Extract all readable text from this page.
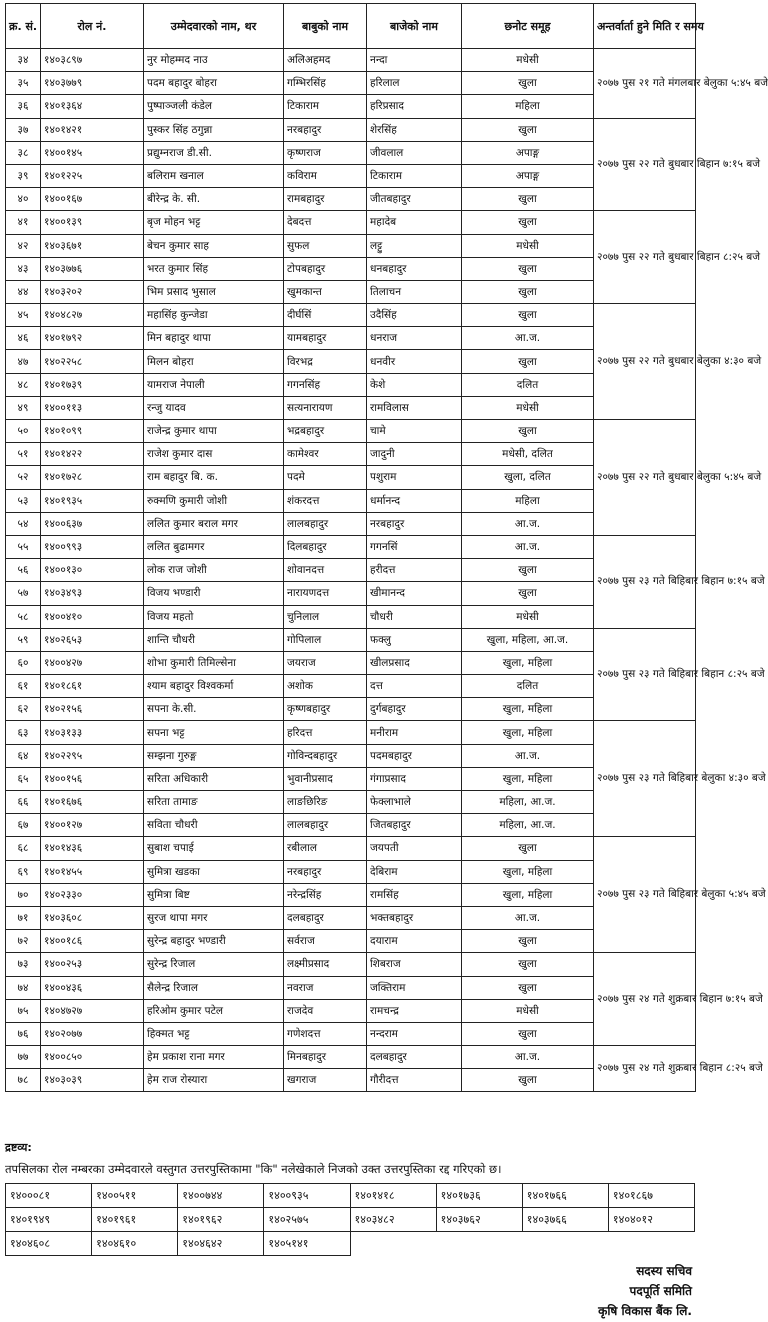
क्र. सं.	रोल नं.	उम्मेदवारको नाम, थर	बाबुको नाम	बाजेको नाम	छनोट समूह	अन्तर्वार्ता हुने मिति र समय
३४	१४०३८९७	नुर मोहम्मद नाउ	अलिअहमद	नन्दा	मधेसी	२०७७ पुस २१ गते मंगलबार बेलुका ५:४५ बजे
३५	१४०३७७९	पदम बहादुर बोहरा	गम्भिरसिंह	हरिलाल	खुला	
३६	१४०१३६४	पुष्पाञ्जली कंडेल	टिकाराम	हरिप्रसाद	महिला	
३७	१४०१४२१	पुस्कर सिंह ठगुन्ना	नरबहादुर	शेरसिंह	खुला	२०७७ पुस २२ गते बुधबार बिहान ७:१५ बजे
३८	१४००१४५	प्रद्युम्नराज डी.सी.	कृष्णराज	जीवलाल	अपाङ्ग	
३९	१४०१२२५	बलिराम खनाल	कविराम	टिकाराम	अपाङ्ग	
४०	१४००१६७	बीरेन्द्र के. सी.	रामबहादुर	जीतबहादुर	खुला	
४१	१४००१३९	बृज मोहन भट्ट	देबदत्त	महादेब	खुला	२०७७ पुस २२ गते बुधबार बिहान ८:२५ बजे
४२	१४०३६७१	बेचन कुमार साह	सुफल	लट्टु	मधेसी	
४३	१४०३७७६	भरत कुमार सिंह	टोपबहादुर	धनबहादुर	खुला	
४४	१४०३२०२	भिम प्रसाद भुसाल	खुमकान्त	तिलाचन	खुला	
४५	१४०४८२७	महासिंह कुन्जेडा	दीर्घसिं	उदैसिंह	खुला	२०७७ पुस २२ गते बुधबार बेलुका ४:३० बजे
४६	१४०१७९२	मिन बहादुर थापा	यामबहादुर	धनराज	आ.ज.	
४७	१४०२२५८	मिलन बोहरा	विरभद्र	धनवीर	खुला	
४८	१४०१७३९	यामराज नेपाली	गगनसिंह	केशे	दलित	
४९	१४००११३	रन्जु यादव	सत्यनारायण	रामविलास	मधेसी	
५०	१४०१०९९	राजेन्द्र कुमार थापा	भद्रबहादुर	चामे	खुला	२०७७ पुस २२ गते बुधबार बेलुका ५:४५ बजे
५१	१४०१४२२	राजेश कुमार दास	कामेश्वर	जादुनी	मधेसी, दलित	
५२	१४०१७२८	राम बहादुर बि. क.	पदमे	पशुराम	खुला, दलित	
५३	१४०१९३५	रुक्मणि कुमारी जोशी	शंकरदत्त	धर्मानन्द	महिला	
५४	१४००६३७	ललित कुमार बराल मगर	लालबहादुर	नरबहादुर	आ.ज.	
५५	१४००९९३	ललित बुढामगर	दिलबहादुर	गगनसिं	आ.ज.	२०७७ पुस २३ गते बिहिबार बिहान ७:१५ बजे
५६	१४००१३०	लोक राज जोशी	शोवानदत्त	हरीदत्त	खुला	
५७	१४०३४९३	विजय भण्डारी	नारायणदत्त	खीमानन्द	खुला	
५८	१४००४१०	विजय महतो	चुनिलाल	चौधरी	मधेसी	
५९	१४०२६५३	शान्ति चौधरी	गोपिलाल	फक्लु	खुला, महिला, आ.ज.	२०७७ पुस २३ गते बिहिबार बिहान ८:२५ बजे
६०	१४००४२७	शोभा कुमारी तिमिल्सेना	जयराज	खीलप्रसाद	खुला, महिला	
६१	१४०१८६१	श्याम बहादुर विश्वकर्मा	अशोक	दत्त	दलित	
६२	१४०२१५६	सपना के.सी.	कृष्णबहादुर	दुर्गबहादुर	खुला, महिला	
६३	१४०३१३३	सपना भट्ट	हरिदत्त	मनीराम	खुला, महिला	२०७७ पुस २३ गते बिहिबार बेलुका ४:३० बजे
६४	१४०२२९५	सम्झना गुरुङ्ग	गोविन्दबहादुर	पदमबहादुर	आ.ज.	
६५	१४००१५६	सरिता अधिकारी	भुवानीप्रसाद	गंगाप्रसाद	खुला, महिला	
६६	१४०१६७६	सरिता तामाङ	लाङछिरिङ	फेक्लाभाले	महिला, आ.ज.	
६७	१४००१२७	सविता चौधरी	लालबहादुर	जितबहादुर	महिला, आ.ज.	
६८	१४०१४३६	सुबाश चपाई	रबीलाल	जयपती	खुला	२०७७ पुस २३ गते बिहिबार बेलुका ५:४५ बजे
६९	१४०१४५५	सुमित्रा खडका	नरबहादुर	देबिराम	खुला, महिला	
७०	१४०२३३०	सुमित्रा बिष्ट	नरेन्द्रसिंह	रामसिंह	खुला, महिला	
७१	१४०३६०८	सुरज थापा मगर	दलबहादुर	भक्तबहादुर	आ.ज.	
७२	१४००१८६	सुरेन्द्र बहादुर भण्डारी	सर्वराज	दयाराम	खुला	
७३	१४००२५३	सुरेन्द्र रिजाल	लक्ष्मीप्रसाद	शिबराज	खुला	२०७७ पुस २४ गते शुक्रबार बिहान ७:१५ बजे
७४	१४००४३६	सैलेन्द्र रिजाल	नवराज	जक्तिराम	खुला	
७५	१४०४७२७	हरिओम कुमार पटेल	राजदेव	रामचन्द्र	मधेसी	
७६	१४०२०७७	हिक्मत भट्ट	गणेशदत्त	नन्दराम	खुला	
७७	१४००८५०	हेम प्रकाश राना मगर	मिनबहादुर	दलबहादुर	आ.ज.	२०७७ पुस २४ गते शुक्रबार बिहान ८:२५ बजे
७८	१४०३०३९	हेम राज रोस्यारा	खगराज	गौरीदत्त	खुला	
द्रष्टव्य:
तपसिलका रोल नम्बरका उम्मेदवारले वस्तुगत उत्तरपुस्तिकामा "कि" नलेखेकाले निजको उक्त उत्तरपुस्तिका रद्द गरिएको छ।
१४०००८१	१४००५११	१४००७४४	१४००९३५	१४०१४१८	१४०१७३६	१४०१७६६	१४०१८६७
१४०१९४९	१४०१९६१	१४०१९६२	१४०२५७५	१४०३४८२	१४०३७६२	१४०३७६६	१४०४०१२
१४०४६०८	१४०४६१०	१४०४६४२	१४०५१४१				
सदस्य सचिव
पदपूर्ति समिति
कृषि विकास बैंक लि.
